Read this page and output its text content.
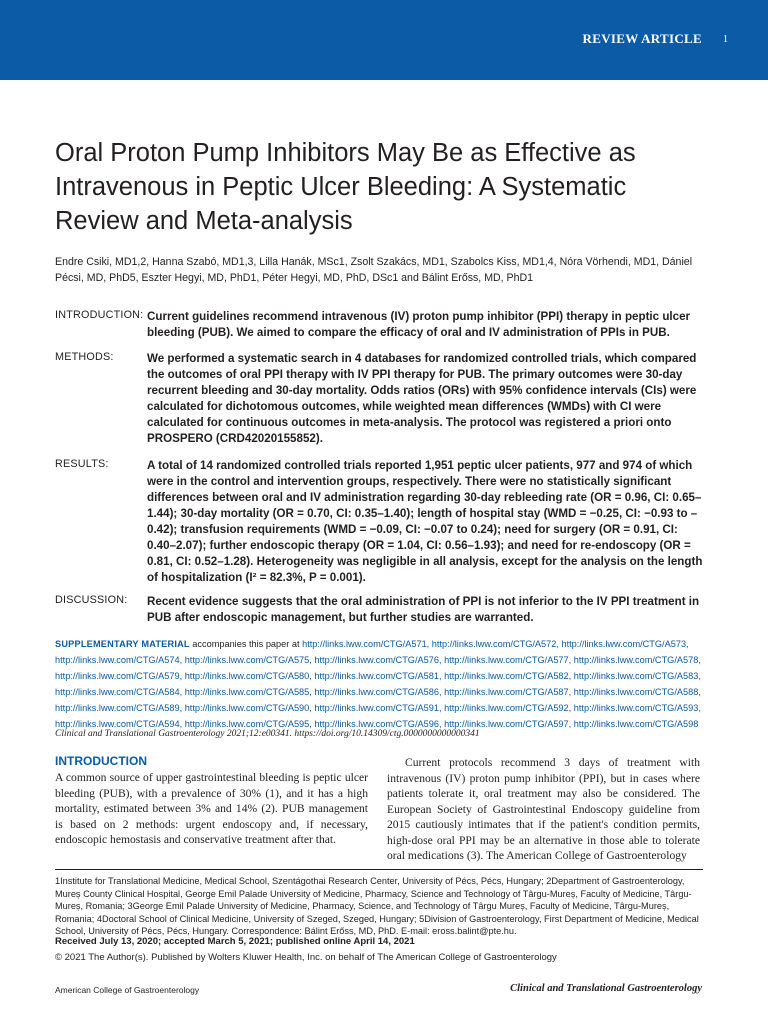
REVIEW ARTICLE 1
Oral Proton Pump Inhibitors May Be as Effective as Intravenous in Peptic Ulcer Bleeding: A Systematic Review and Meta-analysis

Endre Csiki, MD1,2, Hanna Szabó, MD1,3, Lilla Hanák, MSc1, Zsolt Szakács, MD1, Szabolcs Kiss, MD1,4, Nóra Vörhendi, MD1, Dániel Pécsi, MD, PhD5, Eszter Hegyi, MD, PhD1, Péter Hegyi, MD, PhD, DSc1 and Bálint Erőss, MD, PhD1

INTRODUCTION: Current guidelines recommend intravenous (IV) proton pump inhibitor (PPI) therapy in peptic ulcer bleeding (PUB). We aimed to compare the efficacy of oral and IV administration of PPIs in PUB.

METHODS:	We performed a systematic search in 4 databases for randomized controlled trials, which compared the outcomes of oral PPI therapy with IV PPI therapy for PUB. The primary outcomes were 30-day recurrent bleeding and 30-day mortality. Odds ratios (ORs) with 95% confidence intervals (CIs) were calculated for dichotomous outcomes, while weighted mean differences (WMDs) with CI were calculated for continuous outcomes in meta-analysis. The protocol was registered a priori onto PROSPERO (CRD42020155852).

RESULTS:	A total of 14 randomized controlled trials reported 1,951 peptic ulcer patients, 977 and 974 of which were in the control and intervention groups, respectively. There were no statistically significant differences between oral and IV administration regarding 30-day rebleeding rate (OR = 0.96, CI: 0.65–1.44); 30-day mortality (OR = 0.70, CI: 0.35–1.40); length of hospital stay (WMD = −0.25, CI: −0.93 to –0.42); transfusion requirements (WMD = −0.09, CI: −0.07 to 0.24); need for surgery (OR = 0.91, CI: 0.40–2.07); further endoscopic therapy (OR = 1.04, CI: 0.56–1.93); and need for re-endoscopy (OR = 0.81, CI: 0.52–1.28). Heterogeneity was negligible in all analysis, except for the analysis on the length of hospitalization (I² = 82.3%, P = 0.001).

DISCUSSION:	Recent evidence suggests that the oral administration of PPI is not inferior to the IV PPI treatment in PUB after endoscopic management, but further studies are warranted.

SUPPLEMENTARY MATERIAL accompanies this paper at http://links.lww.com/CTG/A571, http://links.lww.com/CTG/A572, http://links.lww.com/CTG/A573, http://links.lww.com/CTG/A574, http://links.lww.com/CTG/A575, http://links.lww.com/CTG/A576, http://links.lww.com/CTG/A577, http://links.lww.com/CTG/A578, http://links.lww.com/CTG/A579, http://links.lww.com/CTG/A580, http://links.lww.com/CTG/A581, http://links.lww.com/CTG/A582, http://links.lww.com/CTG/A583, http://links.lww.com/CTG/A584, http://links.lww.com/CTG/A585, http://links.lww.com/CTG/A586, http://links.lww.com/CTG/A587, http://links.lww.com/CTG/A588, http://links.lww.com/CTG/A589, http://links.lww.com/CTG/A590, http://links.lww.com/CTG/A591, http://links.lww.com/CTG/A592, http://links.lww.com/CTG/A593, http://links.lww.com/CTG/A594, http://links.lww.com/CTG/A595, http://links.lww.com/CTG/A596, http://links.lww.com/CTG/A597, http://links.lww.com/CTG/A598

Clinical and Translational Gastroenterology 2021;12:e00341. https://doi.org/10.14309/ctg.0000000000000341

INTRODUCTION

A common source of upper gastrointestinal bleeding is peptic ulcer bleeding (PUB), with a prevalence of 30% (1), and it has a high mortality, estimated between 3% and 14% (2). PUB management is based on 2 methods: urgent endoscopy and, if necessary, endoscopic hemostasis and conservative treatment after that.

Current protocols recommend 3 days of treatment with intravenous (IV) proton pump inhibitor (PPI), but in cases where patients tolerate it, oral treatment may also be considered. The European Society of Gastrointestinal Endoscopy guideline from 2015 cautiously intimates that if the patient's condition permits, high-dose oral PPI may be an alternative in those able to tolerate oral medications (3). The American College of Gastroenterology

1Institute for Translational Medicine, Medical School, Szentágothai Research Center, University of Pécs, Pécs, Hungary; 2Department of Gastroenterology, Mureș County Clinical Hospital, George Emil Palade University of Medicine, Pharmacy, Science and Technology of Târgu-Mureș, Faculty of Medicine, Târgu-Mureș, Romania; 3George Emil Palade University of Medicine, Pharmacy, Science, and Technology of Târgu Mureș, Faculty of Medicine, Târgu-Mureș, Romania; 4Doctoral School of Clinical Medicine, University of Szeged, Szeged, Hungary; 5Division of Gastroenterology, First Department of Medicine, Medical School, University of Pécs, Pécs, Hungary. Correspondence: Bálint Erőss, MD, PhD. E-mail: eross.balint@pte.hu.

Received July 13, 2020; accepted March 5, 2021; published online April 14, 2021

© 2021 The Author(s). Published by Wolters Kluwer Health, Inc. on behalf of The American College of Gastroenterology

American College of Gastroenterology	Clinical and Translational Gastroenterology
